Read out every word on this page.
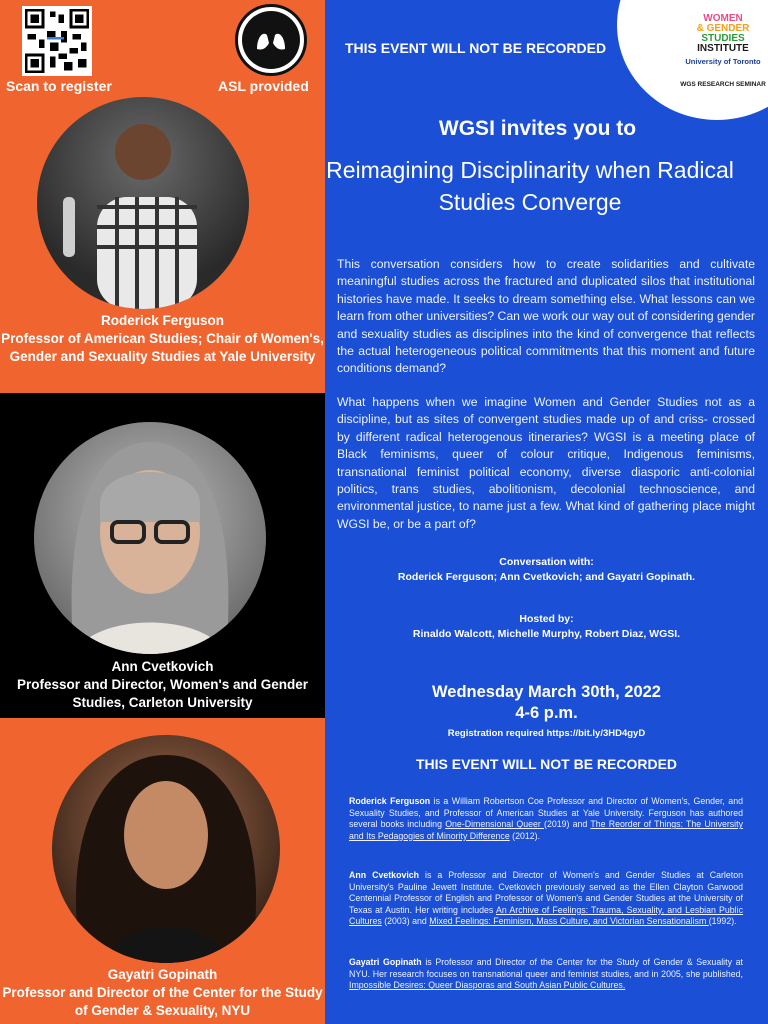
Scan to register	ASL provided
Roderick Ferguson
Professor of American Studies; Chair of Women's, Gender and Sexuality Studies at Yale University
Ann Cvetkovich
Professor and Director, Women's and Gender Studies, Carleton University
Gayatri Gopinath
Professor and Director of the Center for the Study of Gender & Sexuality, NYU
WOMEN
& GENDER
STUDIES
INSTITUTE
University of Toronto
WGS RESEARCH SEMINAR
THIS EVENT WILL NOT BE RECORDED
WGSI invites you to
Reimagining Disciplinarity when Radical Studies Converge

This conversation considers how to create solidarities and cultivate meaningful studies across the fractured and duplicated silos that institutional histories have made. It seeks to dream something else. What lessons can we learn from other universities? Can we work our way out of considering gender and sexuality studies as disciplines into the kind of convergence that reflects the actual heterogeneous political commitments that this moment and future conditions demand?

What happens when we imagine Women and Gender Studies not as a discipline, but as sites of convergent studies made up of and criss- crossed by different radical heterogenous itineraries? WGSI is a meeting place of Black feminisms, queer of colour critique, Indigenous feminisms, transnational feminist political economy, diverse diasporic anti-colonial politics, trans studies, abolitionism, decolonial technoscience, and environmental justice, to name just a few. What kind of gathering place might WGSI be, or be a part of?

Conversation with:
Roderick Ferguson; Ann Cvetkovich; and Gayatri Gopinath.
Hosted by:
Rinaldo Walcott, Michelle Murphy, Robert Diaz, WGSI.
Wednesday March 30th, 2022
4-6 p.m.
Registration required https://bit.ly/3HD4gyD
THIS EVENT WILL NOT BE RECORDED

Roderick Ferguson is a William Robertson Coe Professor and Director of Women's, Gender, and Sexuality Studies, and Professor of American Studies at Yale University. Ferguson has authored several books including One-Dimensional Queer (2019) and The Reorder of Things: The University and Its Pedagogies of Minority Difference (2012).

Ann Cvetkovich is a Professor and Director of Women's and Gender Studies at Carleton University's Pauline Jewett Institute. Cvetkovich previously served as the Ellen Clayton Garwood Centennial Professor of English and Professor of Women's and Gender Studies at the University of Texas at Austin. Her writing includes An Archive of Feelings: Trauma, Sexuality, and Lesbian Public Cultures (2003) and Mixed Feelings: Feminism, Mass Culture, and Victorian Sensationalism (1992).

Gayatri Gopinath is Professor and Director of the Center for the Study of Gender & Sexuality at NYU. Her research focuses on transnational queer and feminist studies, and in 2005, she published, Impossible Desires: Queer Diasporas and South Asian Public Cultures.
